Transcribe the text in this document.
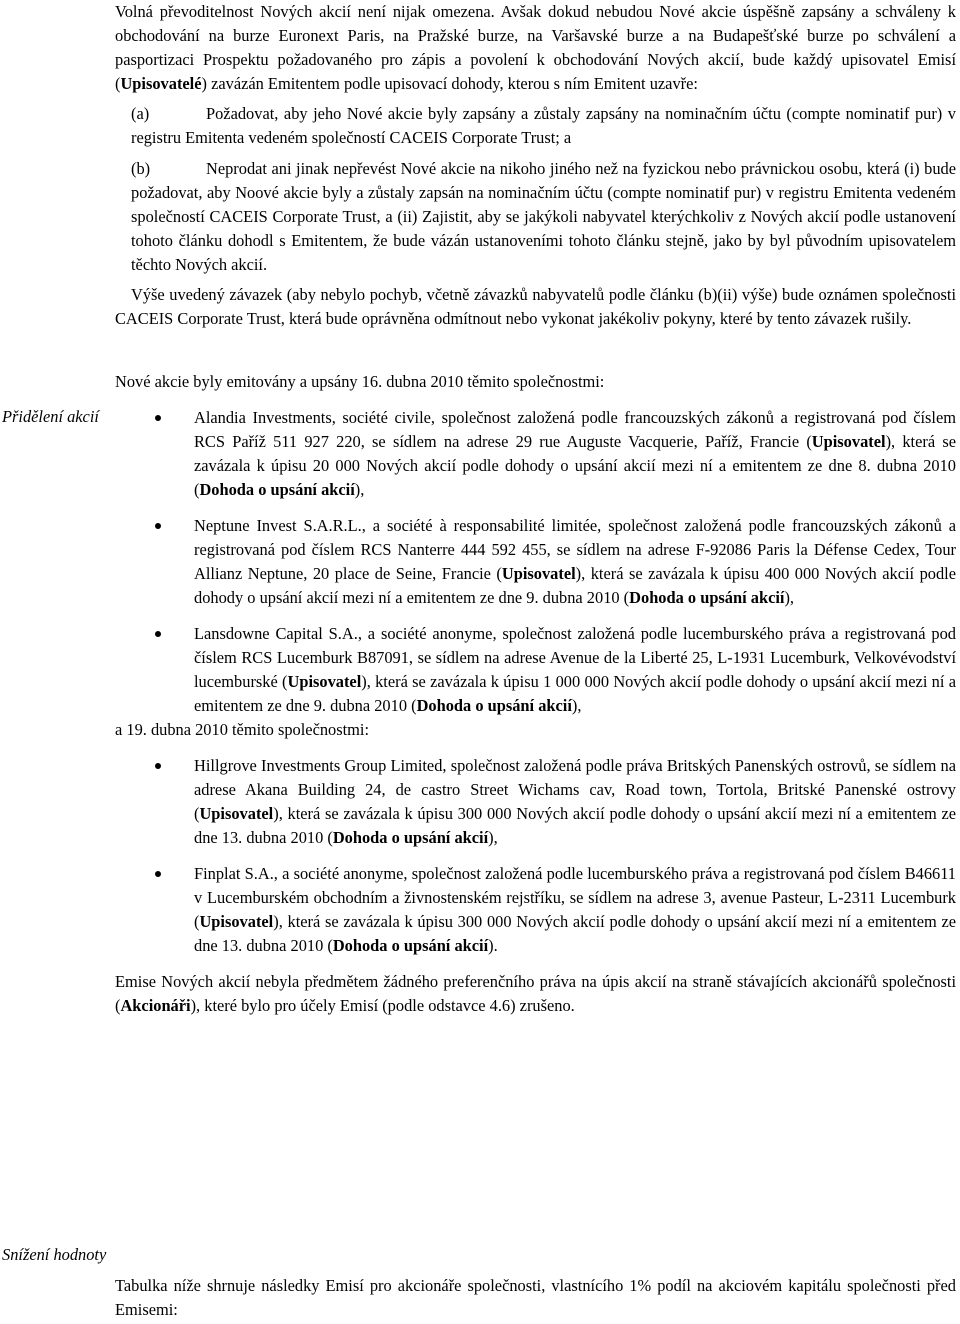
Přidělení akcií
Snížení hodnoty

Volná převoditelnost Nových akcií není nijak omezena. Avšak dokud nebudou Nové akcie úspěšně zapsány a schváleny k obchodování na burze Euronext Paris, na Pražské burze, na Varšavské burze a na Budapešťské burze po schválení a pasportizaci Prospektu požadovaného pro zápis a povolení k obchodování Nových akcií, bude každý upisovatel Emisí (Upisovatelé) zavázán Emitentem podle upisovací dohody, kterou s ním Emitent uzavře:

(a)	Požadovat, aby jeho Nové akcie byly zapsány a zůstaly zapsány na nominačním účtu (compte nominatif pur) v registru Emitenta vedeném společností CACEIS Corporate Trust; a

(b)	Neprodat ani jinak nepřevést Nové akcie na nikoho jiného než na fyzickou nebo právnickou osobu, která (i) bude požadovat, aby Noové akcie byly a zůstaly zapsán na nominačním účtu (compte nominatif pur) v registru Emitenta vedeném společností CACEIS Corporate Trust, a (ii) Zajistit, aby se jakýkoli nabyvatel kterýchkoliv z Nových akcií podle ustanovení tohoto článku dohodl s Emitentem, že bude vázán ustanoveními tohoto článku stejně, jako by byl původním upisovatelem těchto Nových akcií.

Výše uvedený závazek (aby nebylo pochyb, včetně závazků nabyvatelů podle článku (b)(ii) výše) bude oznámen společnosti CACEIS Corporate Trust, která bude oprávněna odmítnout nebo vykonat jakékoliv pokyny, které by tento závazek rušily.

Nové akcie byly emitovány a upsány 16. dubna 2010 těmito společnostmi:

Alandia Investments, société civile, společnost založená podle francouzských zákonů a registrovaná pod číslem RCS Paříž 511 927 220, se sídlem na adrese 29 rue Auguste Vacquerie, Paříž, Francie (Upisovatel), která se zavázala k úpisu 20 000 Nových akcií podle dohody o upsání akcií mezi ní a emitentem ze dne 8. dubna 2010 (Dohoda o upsání akcií),
Neptune Invest S.A.R.L., a société à responsabilité limitée, společnost založená podle francouzských zákonů a registrovaná pod číslem RCS Nanterre 444 592 455, se sídlem na adrese F-92086 Paris la Défense Cedex, Tour Allianz Neptune, 20 place de Seine, Francie (Upisovatel), která se zavázala k úpisu 400 000 Nových akcií podle dohody o upsání akcií mezi ní a emitentem ze dne 9. dubna 2010 (Dohoda o upsání akcií),
Lansdowne Capital S.A., a société anonyme, společnost založená podle lucemburského práva a registrovaná pod číslem RCS Lucemburk B87091, se sídlem na adrese Avenue de la Liberté 25, L-1931 Lucemburk, Velkovévodství lucemburské (Upisovatel), která se zavázala k úpisu 1 000 000 Nových akcií podle dohody o upsání akcií mezi ní a emitentem ze dne 9. dubna 2010 (Dohoda o upsání akcií),

a 19. dubna 2010 těmito společnostmi:

Hillgrove Investments Group Limited, společnost založená podle práva Britských Panenských ostrovů, se sídlem na adrese Akana Building 24, de castro Street Wichams cav, Road town, Tortola, Britské Panenské ostrovy (Upisovatel), která se zavázala k úpisu 300 000 Nových akcií podle dohody o upsání akcií mezi ní a emitentem ze dne 13. dubna 2010 (Dohoda o upsání akcií),
Finplat S.A., a société anonyme, společnost založená podle lucemburského práva a registrovaná pod číslem B46611 v Lucemburském obchodním a živnostenském rejstříku, se sídlem na adrese 3, avenue Pasteur, L-2311 Lucemburk (Upisovatel), která se zavázala k úpisu 300 000 Nových akcií podle dohody o upsání akcií mezi ní a emitentem ze dne 13. dubna 2010 (Dohoda o upsání akcií).

Emise Nových akcií nebyla předmětem žádného preferenčního práva na úpis akcií na straně stávajících akcionářů společnosti (Akcionáři), které bylo pro účely Emisí (podle odstavce 4.6) zrušeno.

Tabulka níže shrnuje následky Emisí pro akcionáře společnosti, vlastnícího 1% podíl na akciovém kapitálu společnosti před Emisemi:
